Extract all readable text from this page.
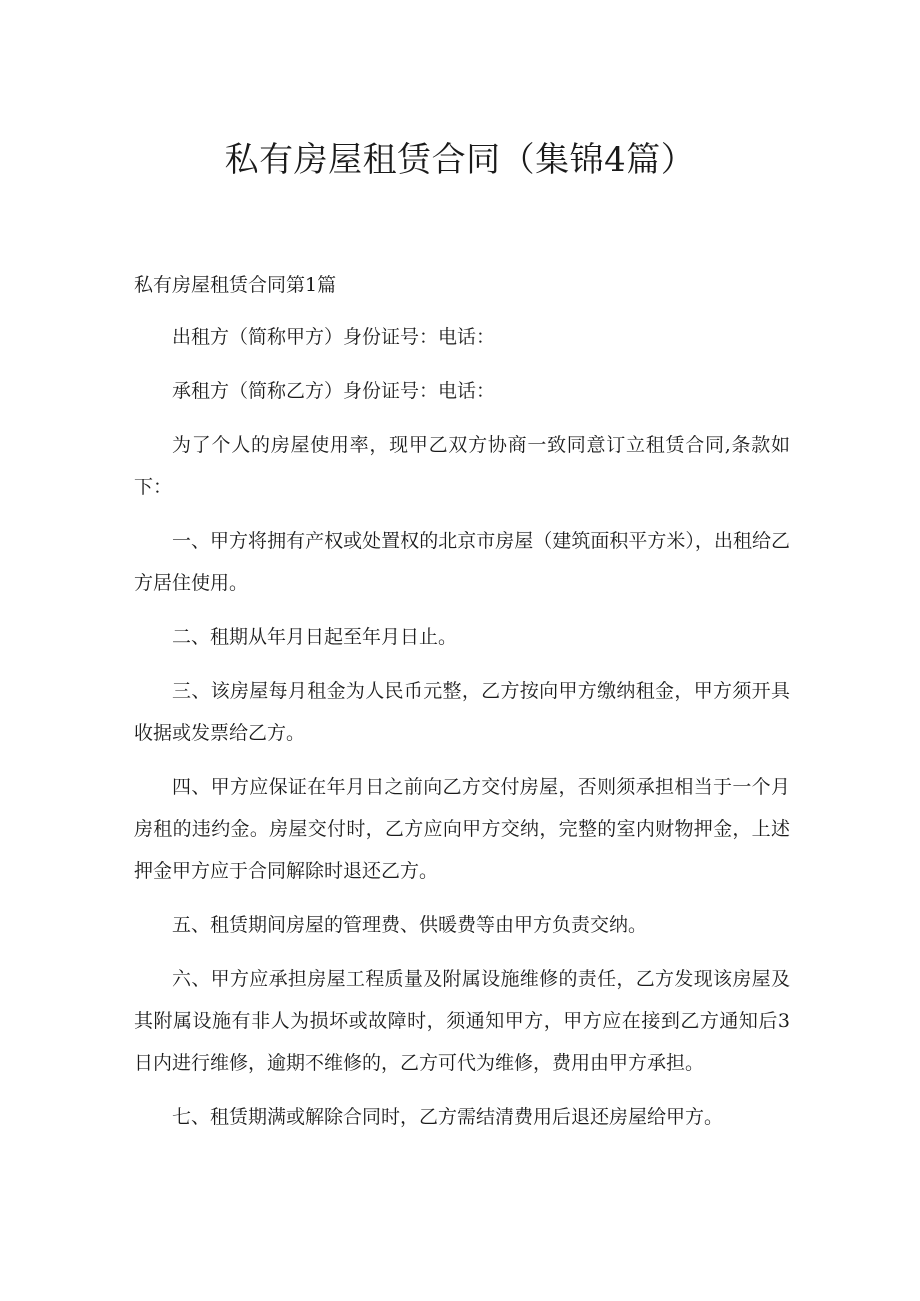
私有房屋租赁合同（集锦4篇）
私有房屋租赁合同第1篇

出租方（简称甲方）身份证号：电话：

承租方（简称乙方）身份证号：电话：

为了个人的房屋使用率，现甲乙双方协商一致同意订立租赁合同,条款如下：

一、甲方将拥有产权或处置权的北京市房屋（建筑面积平方米），出租给乙方居住使用。

二、租期从年月日起至年月日止。

三、该房屋每月租金为人民币元整，乙方按向甲方缴纳租金，甲方须开具收据或发票给乙方。

四、甲方应保证在年月日之前向乙方交付房屋，否则须承担相当于一个月房租的违约金。房屋交付时，乙方应向甲方交纳，完整的室内财物押金，上述押金甲方应于合同解除时退还乙方。

五、租赁期间房屋的管理费、供暖费等由甲方负责交纳。

六、甲方应承担房屋工程质量及附属设施维修的责任，乙方发现该房屋及其附属设施有非人为损坏或故障时，须通知甲方，甲方应在接到乙方通知后3日内进行维修，逾期不维修的，乙方可代为维修，费用由甲方承担。

七、租赁期满或解除合同时，乙方需结清费用后退还房屋给甲方。
